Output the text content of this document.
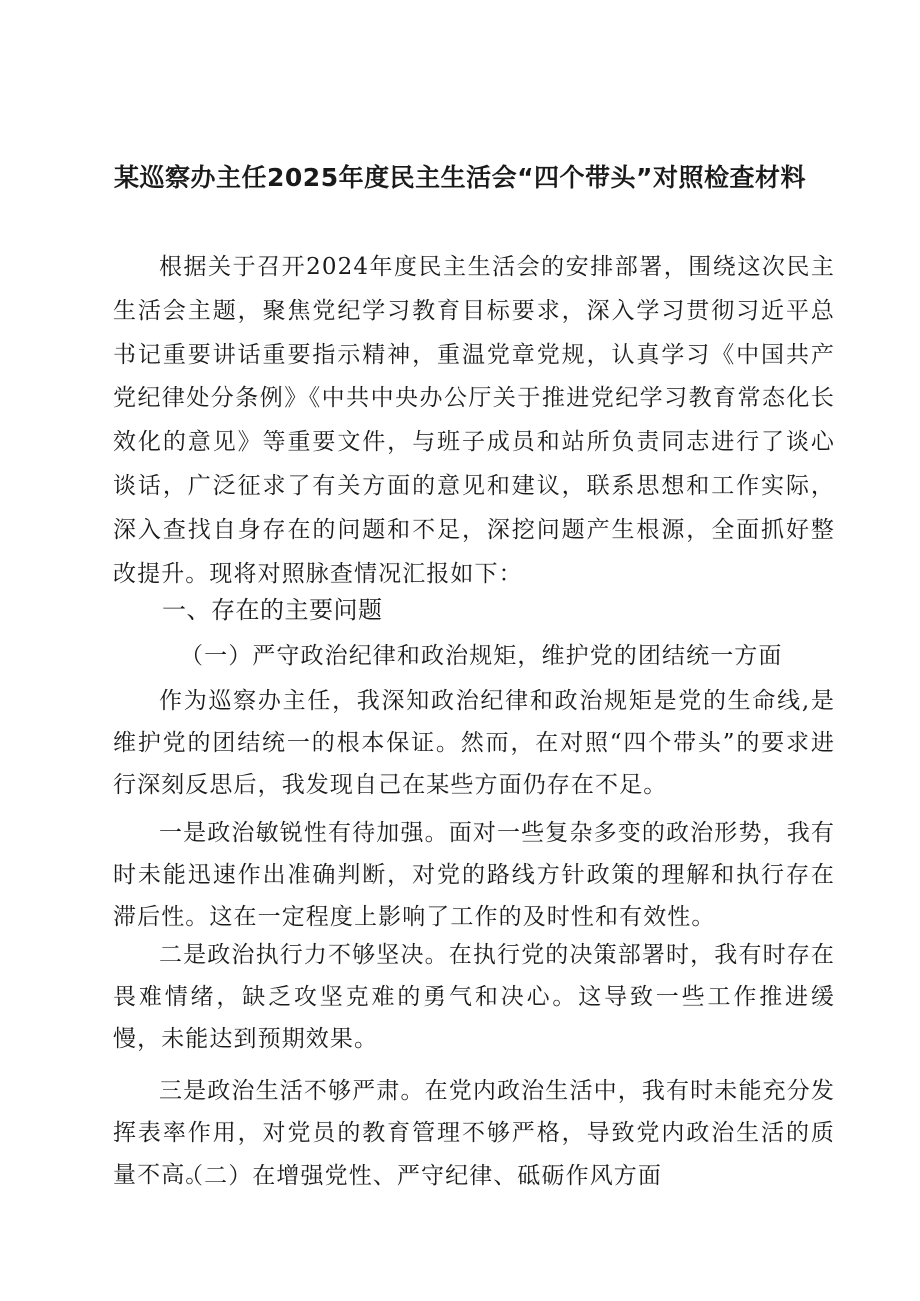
某巡察办主任2025年度民主生活会“四个带头”对照检查材料

根据关于召开2024年度民主生活会的安排部署，围绕这次民主生活会主题，聚焦党纪学习教育目标要求，深入学习贯彻习近平总书记重要讲话重要指示精神，重温党章党规，认真学习《中国共产党纪律处分条例》《中共中央办公厅关于推进党纪学习教育常态化长效化的意见》等重要文件，与班子成员和站所负责同志进行了谈心谈话，广泛征求了有关方面的意见和建议，联系思想和工作实际，深入查找自身存在的问题和不足，深挖问题产生根源，全面抓好整改提升。现将对照脉查情况汇报如下：

一、存在的主要问题
（一）严守政治纪律和政治规矩，维护党的团结统一方面

作为巡察办主任，我深知政治纪律和政治规矩是党的生命线,是维护党的团结统一的根本保证。然而，在对照“四个带头”的要求进行深刻反思后，我发现自己在某些方面仍存在不足。

一是政治敏锐性有待加强。面对一些复杂多变的政治形势，我有时未能迅速作出准确判断，对党的路线方针政策的理解和执行存在滞后性。这在一定程度上影响了工作的及时性和有效性。

二是政治执行力不够坚决。在执行党的决策部署时，我有时存在畏难情绪，缺乏攻坚克难的勇气和决心。这导致一些工作推进缓慢，未能达到预期效果。

三是政治生活不够严肃。在党内政治生活中，我有时未能充分发挥表率作用，对党员的教育管理不够严格，导致党内政治生活的质量不高。

（二）在增强党性、严守纪律、砥砺作风方面
